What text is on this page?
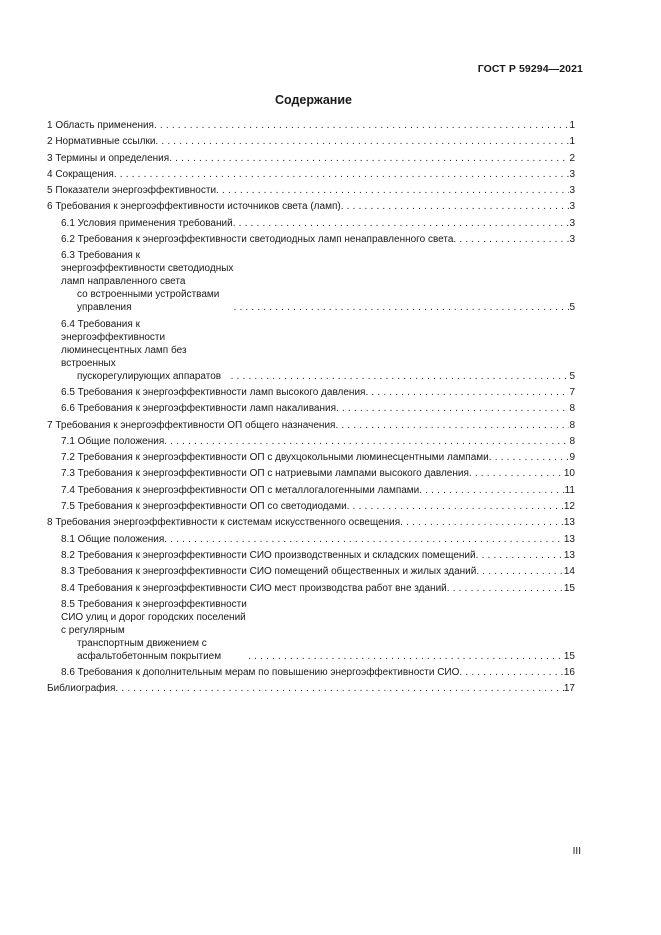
ГОСТ Р 59294—2021
Содержание
1 Область применения . . .	1
2 Нормативные ссылки . . .	1
3 Термины и определения . . .	2
4 Сокращения . . .	3
5 Показатели энергоэффективности . . .	3
6 Требования к энергоэффективности источников света (ламп) . . .	3
6.1 Условия применения требований . . .	3
6.2 Требования к энергоэффективности светодиодных ламп ненаправленного света . . .	3
6.3 Требования к энергоэффективности светодиодных ламп направленного света
со встроенными устройствами управления . . .	5
6.4 Требования к энергоэффективности люминесцентных ламп без встроенных
пускорегулирующих аппаратов . . .	5
6.5 Требования к энергоэффективности ламп высокого давления . . .	7
6.6 Требования к энергоэффективности ламп накаливания . . .	8
7 Требования к энергоэффективности ОП общего назначения . . .	8
7.1 Общие положения . . .	8
7.2 Требования к энергоэффективности ОП с двухцокольными люминесцентными лампами . . .	9
7.3 Требования к энергоэффективности ОП с натриевыми лампами высокого давления . . .	10
7.4 Требования к энергоэффективности ОП с металлогалогенными лампами . . .	11
7.5 Требования к энергоэффективности ОП со светодиодами . . .	12
8 Требования энергоэффективности к системам искусственного освещения . . .	13
8.1 Общие положения . . .	13
8.2 Требования к энергоэффективности СИО производственных и складских помещений . . .	13
8.3 Требования к энергоэффективности СИО помещений общественных и жилых зданий . . .	14
8.4 Требования к энергоэффективности СИО мест производства работ вне зданий . . .	15
8.5 Требования к энергоэффективности СИО улиц и дорог городских поселений с регулярным
транспортным движением с асфальтобетонным покрытием . . .	15
8.6 Требования к дополнительным мерам по повышению энергоэффективности СИО . . .	16
Библиография . . .	17
III
